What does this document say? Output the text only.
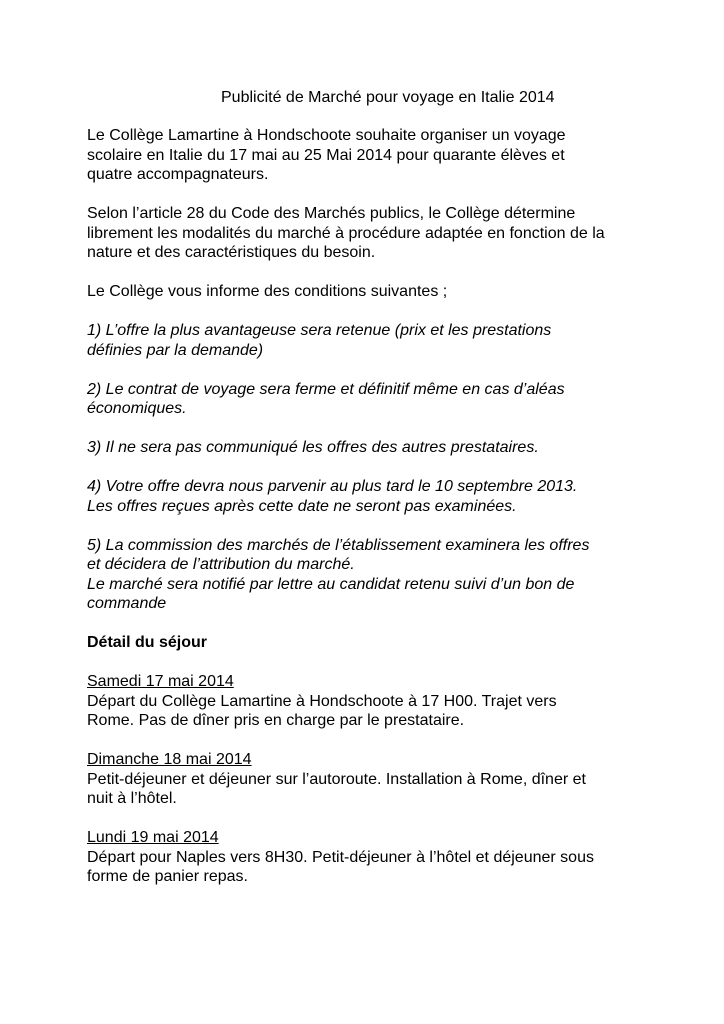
Publicité de Marché pour voyage en Italie 2014

Le Collège Lamartine à Hondschoote souhaite organiser un voyage
scolaire en Italie du 17 mai au 25 Mai 2014 pour quarante élèves et
quatre accompagnateurs.

Selon l’article 28 du Code des Marchés publics, le Collège détermine
librement les modalités du marché à procédure adaptée en fonction de la
nature et des caractéristiques du besoin.

Le Collège vous informe des conditions suivantes ;

1) L’offre la plus avantageuse sera retenue (prix et les prestations
définies par la demande)

2) Le contrat de voyage sera ferme et définitif même en cas d’aléas
économiques.

3) Il ne sera pas communiqué les offres des autres prestataires.

4) Votre offre devra nous parvenir au plus tard le 10 septembre 2013.
Les offres reçues après cette date ne seront pas examinées.

5) La commission des marchés de l’établissement examinera les offres
et décidera de l’attribution du marché.
Le marché sera notifié par lettre au candidat retenu suivi d’un bon de
commande

Détail du séjour

Samedi 17 mai 2014
Départ du Collège Lamartine à Hondschoote à 17 H00. Trajet vers
Rome. Pas de dîner pris en charge par le prestataire.
Dimanche 18 mai 2014
Petit-déjeuner et déjeuner sur l’autoroute. Installation à Rome, dîner et
nuit à l’hôtel.
Lundi 19 mai 2014
Départ pour Naples vers 8H30. Petit-déjeuner à l’hôtel et déjeuner sous
forme de panier repas.
